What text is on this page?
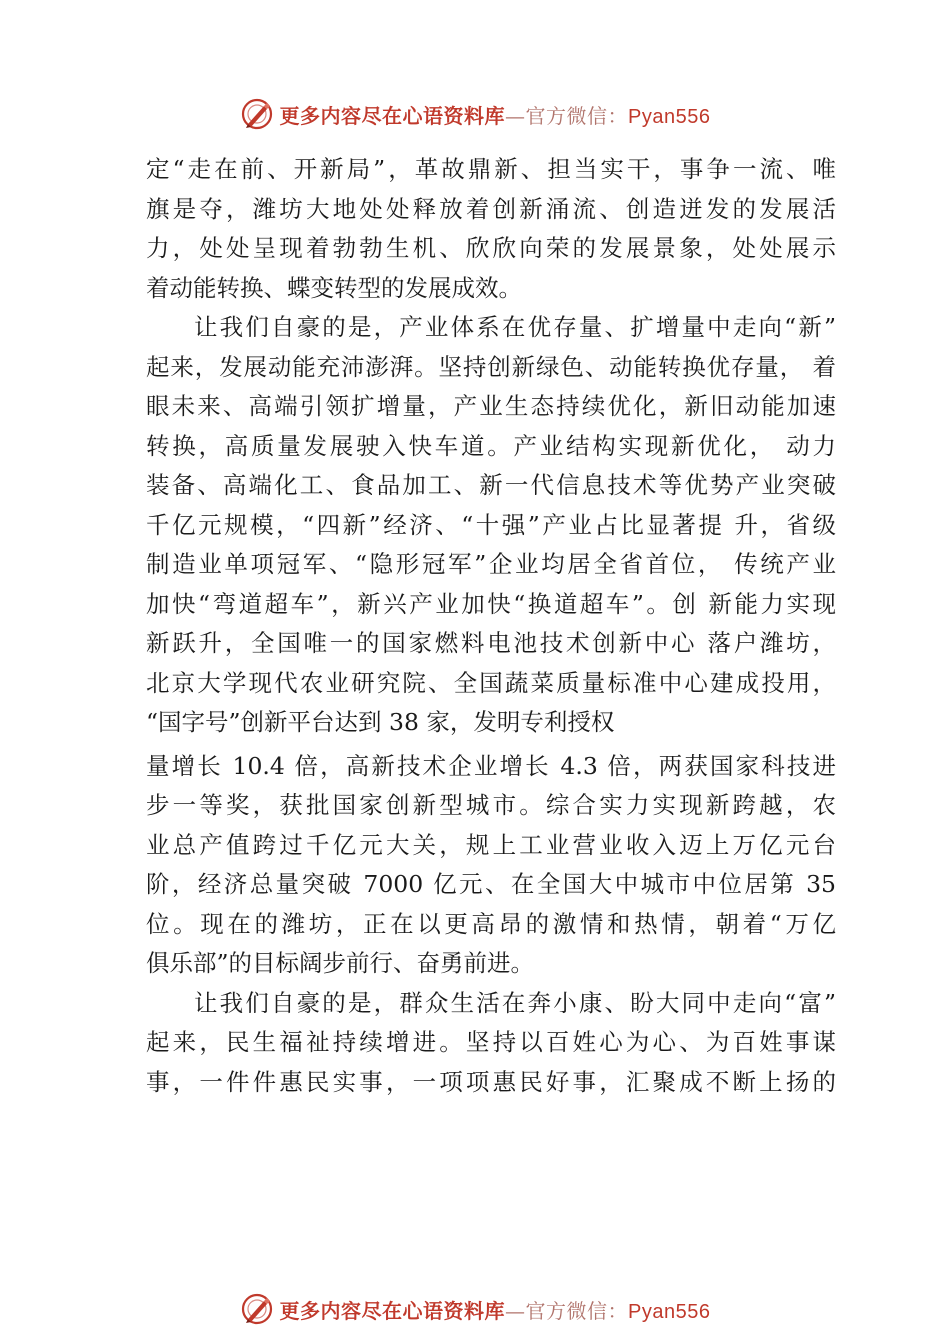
更多内容尽在心语资料库—官方微信：Pyan556
定“走在前、开新局”，革故鼎新、担当实干，事争一流、唯
旗是夺，潍坊大地处处释放着创新涌流、创造迸发的发展活
力，处处呈现着勃勃生机、欣欣向荣的发展景象，处处展示
着动能转换、蝶变转型的发展成效。
让我们自豪的是，产业体系在优存量、扩增量中走向“新”
起来，发展动能充沛澎湃。坚持创新绿色、动能转换优存量， 着
眼未来、高端引领扩增量，产业生态持续优化，新旧动能加速
转换，高质量发展驶入快车道。产业结构实现新优化， 动力
装备、高端化工、食品加工、新一代信息技术等优势产业突破
千亿元规模，“四新”经济、“十强”产业占比显著提 升，省级
制造业单项冠军、“隐形冠军”企业均居全省首位， 传统产业
加快“弯道超车”，新兴产业加快“换道超车”。创 新能力实现
新跃升，全国唯一的国家燃料电池技术创新中心 落户潍坊，
北京大学现代农业研究院、全国蔬菜质量标准中心建成投用，
“国字号”创新平台达到 38 家，发明专利授权
量增长 10.4 倍，高新技术企业增长 4.3 倍，两获国家科技进
步一等奖，获批国家创新型城市。综合实力实现新跨越，农
业总产值跨过千亿元大关，规上工业营业收入迈上万亿元台
阶，经济总量突破 7000 亿元、在全国大中城市中位居第 35
位。现在的潍坊，正在以更高昂的激情和热情，朝着“万亿
俱乐部”的目标阔步前行、奋勇前进。
让我们自豪的是，群众生活在奔小康、盼大同中走向“富”
起来，民生福祉持续增进。坚持以百姓心为心、为百姓事谋
事，一件件惠民实事，一项项惠民好事，汇聚成不断上扬的
更多内容尽在心语资料库—官方微信：Pyan556
